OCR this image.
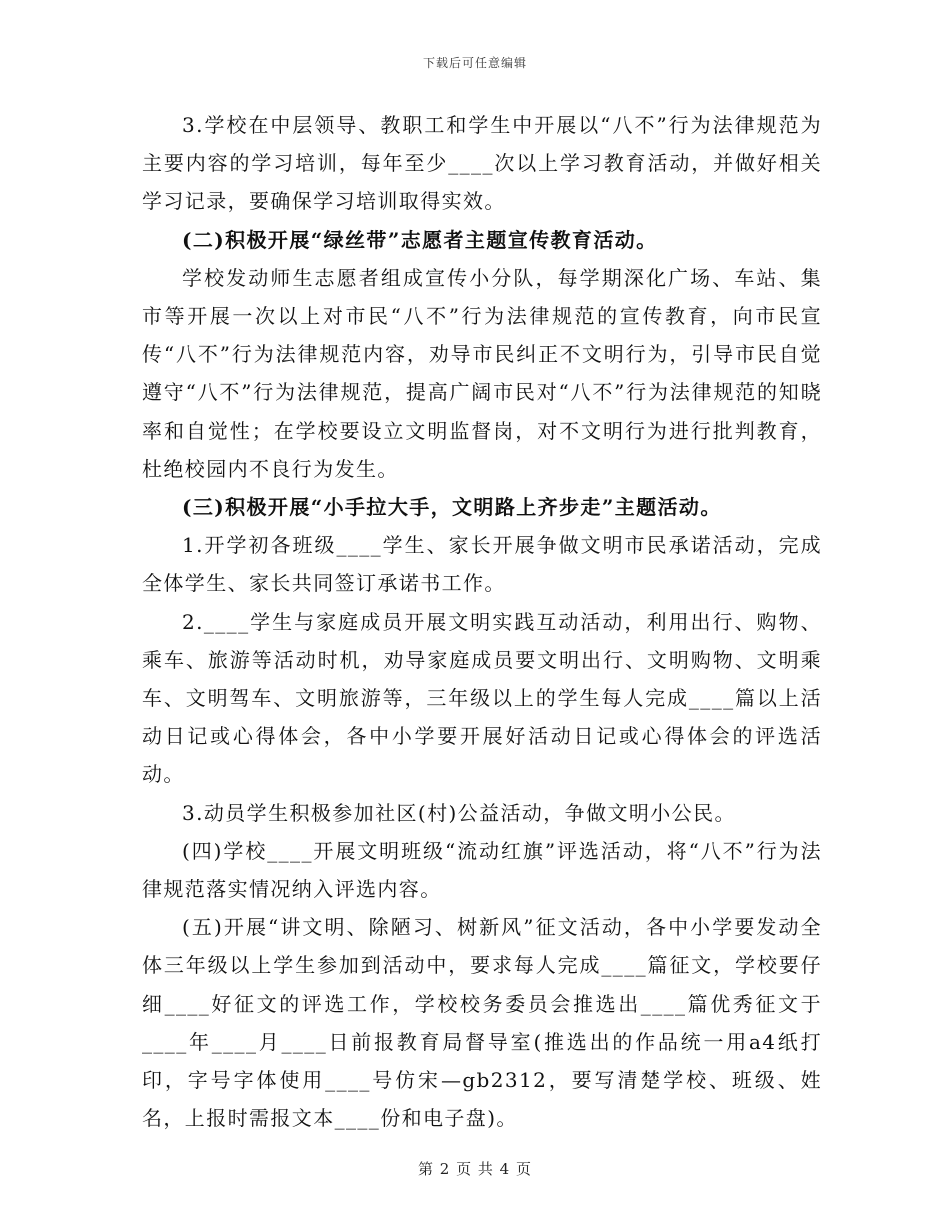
下载后可任意编辑

3.学校在中层领导、教职工和学生中开展以“八不”行为法律规范为主要内容的学习培训，每年至少____次以上学习教育活动，并做好相关学习记录，要确保学习培训取得实效。

(二)积极开展“绿丝带”志愿者主题宣传教育活动。

学校发动师生志愿者组成宣传小分队，每学期深化广场、车站、集市等开展一次以上对市民“八不”行为法律规范的宣传教育，向市民宣传“八不”行为法律规范内容，劝导市民纠正不文明行为，引导市民自觉遵守“八不”行为法律规范，提高广阔市民对“八不”行为法律规范的知晓率和自觉性；在学校要设立文明监督岗，对不文明行为进行批判教育，杜绝校园内不良行为发生。

(三)积极开展“小手拉大手，文明路上齐步走”主题活动。

1.开学初各班级____学生、家长开展争做文明市民承诺活动，完成全体学生、家长共同签订承诺书工作。

2.____学生与家庭成员开展文明实践互动活动，利用出行、购物、乘车、旅游等活动时机，劝导家庭成员要文明出行、文明购物、文明乘车、文明驾车、文明旅游等，三年级以上的学生每人完成____篇以上活动日记或心得体会，各中小学要开展好活动日记或心得体会的评选活动。

3.动员学生积极参加社区(村)公益活动，争做文明小公民。

(四)学校____开展文明班级“流动红旗”评选活动，将“八不”行为法律规范落实情况纳入评选内容。

(五)开展“讲文明、除陋习、树新风”征文活动，各中小学要发动全体三年级以上学生参加到活动中，要求每人完成____篇征文，学校要仔细____好征文的评选工作，学校校务委员会推选出____篇优秀征文于____年____月____日前报教育局督导室(推选出的作品统一用a4纸打印，字号字体使用____号仿宋—gb2312，要写清楚学校、班级、姓名，上报时需报文本____份和电子盘)。

第 2 页 共 4 页
